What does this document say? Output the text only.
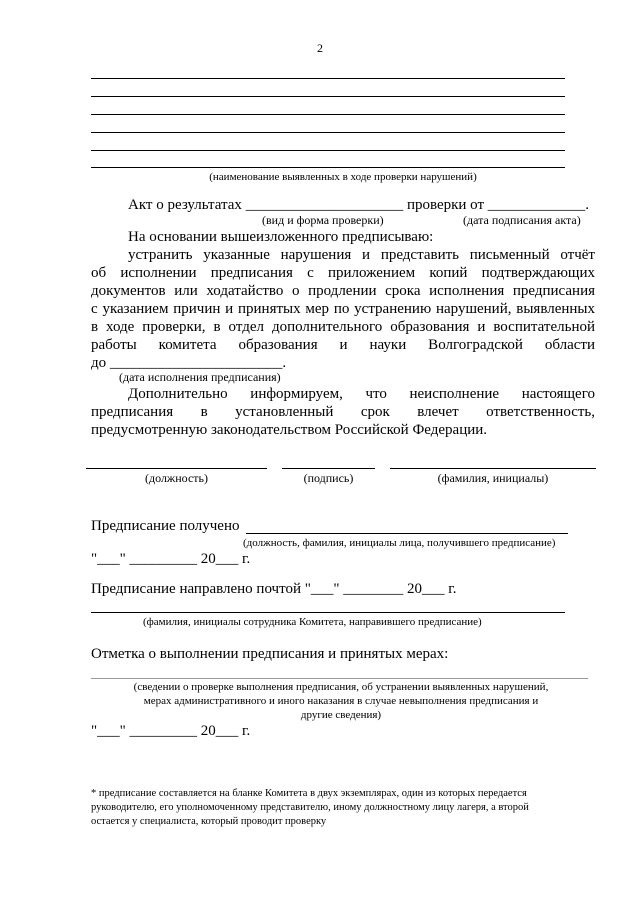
2
(наименование выявленных в ходе проверки нарушений)
Акт о результатах _____________________ проверки от _____________.
(вид и форма проверки)	(дата подписания акта)
На основании вышеизложенного предписываю:
устранить указанные нарушения и представить письменный отчёт
об исполнении предписания с приложением копий подтверждающих
документов или ходатайство о продлении срока исполнения предписания
с указанием причин и принятых мер по устранению нарушений, выявленных
в ходе проверки, в отдел дополнительного образования и воспитательной
работы комитета образования и науки Волгоградской области
до _______________________.
(дата исполнения предписания)
Дополнительно информируем, что неисполнение настоящего
предписания в установленный срок влечет ответственность,
предусмотренную законодательством Российской Федерации.
(должность)	(подпись)	(фамилия, инициалы)
Предписание получено
(должность, фамилия, инициалы лица, получившего предписание)
"___" _________ 20___ г.
Предписание направлено почтой "___" ________ 20___ г.
(фамилия, инициалы сотрудника Комитета, направившего предписание)
Отметка о выполнении предписания и принятых мерах:
(сведении о проверке выполнения предписания, об устранении выявленных нарушений,
мерах административного и иного наказания в случае невыполнения предписания и
другие сведения)
"___" _________ 20___ г.
* предписание составляется на бланке Комитета в двух экземплярах, один из которых передается
руководителю, его уполномоченному представителю, иному должностному лицу лагеря, а второй
остается у специалиста, который проводит проверку
